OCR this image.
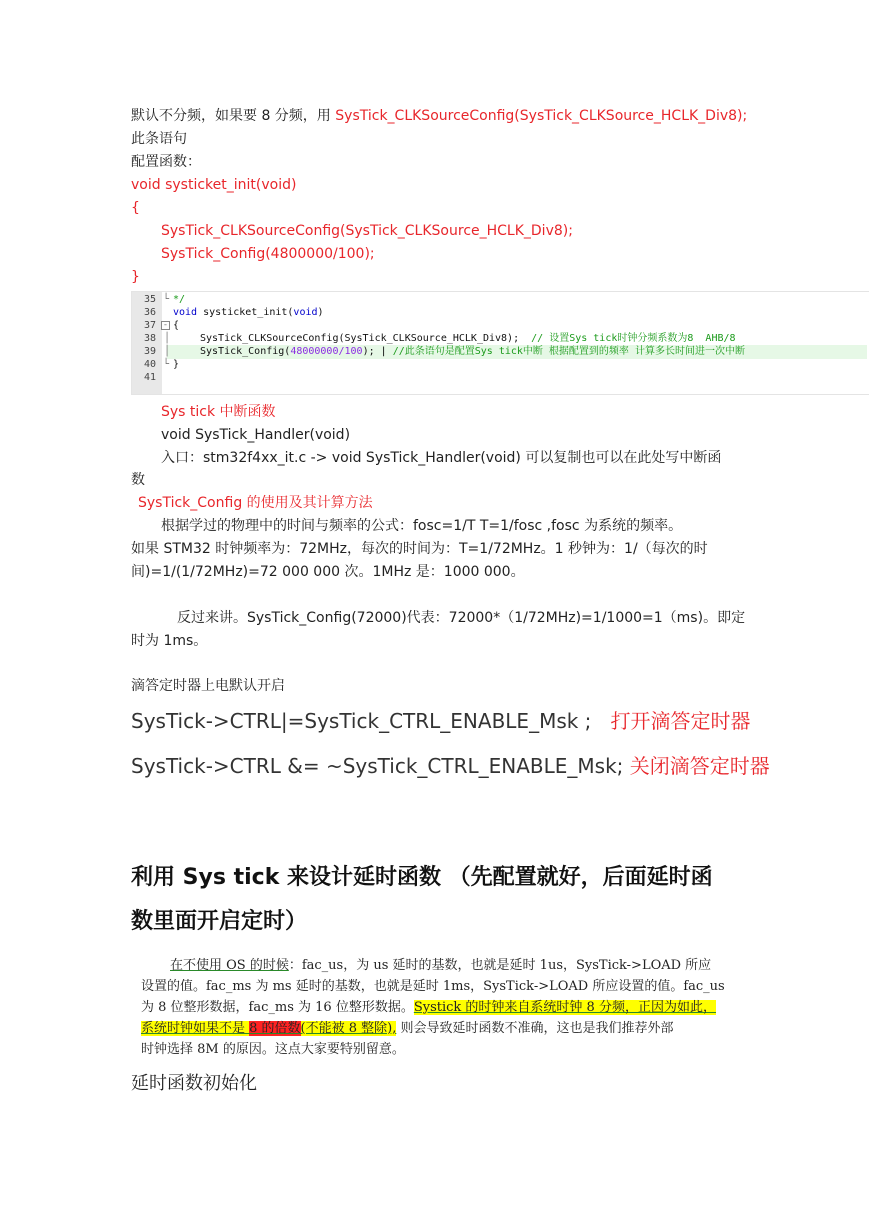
默认不分频，如果要 8 分频，用 SysTick_CLKSourceConfig(SysTick_CLKSource_HCLK_Div8);
此条语句
配置函数：
void systicket_init(void)
{
SysTick_CLKSourceConfig(SysTick_CLKSource_HCLK_Div8);
SysTick_Config(4800000/100);
}
35
36
37
38
39
40
41
└
-
│
│
└
*/
void systicket_init(void)
{
SysTick_CLKSourceConfig(SysTick_CLKSource_HCLK_Div8); // 设置Sys tick时钟分频系数为8  AHB/8
SysTick_Config(48000000/100); | //此条语句是配置Sys tick中断 根据配置到的频率 计算多长时间进一次中断
}
Sys tick 中断函数
void SysTick_Handler(void)
入口：stm32f4xx_it.c -> void SysTick_Handler(void) 可以复制也可以在此处写中断函
数
SysTick_Config 的使用及其计算方法
根据学过的物理中的时间与频率的公式：fosc=1/T T=1/fosc ,fosc 为系统的频率。
如果 STM32 时钟频率为：72MHz，每次的时间为：T=1/72MHz。1 秒钟为：1/（每次的时
间)=1/(1/72MHz)=72 000 000 次。1MHz 是：1000 000。
反过来讲。SysTick_Config(72000)代表：72000*（1/72MHz)=1/1000=1（ms)。即定
时为 1ms。
滴答定时器上电默认开启
SysTick->CTRL|=SysTick_CTRL_ENABLE_Msk ; 打开滴答定时器
SysTick->CTRL &= ~SysTick_CTRL_ENABLE_Msk; 关闭滴答定时器
利用 Sys tick 来设计延时函数 （先配置就好，后面延时函
数里面开启定时）
在不使用 OS 的时候：fac_us，为 us 延时的基数，也就是延时 1us，SysTick->LOAD 所应
设置的值。fac_ms 为 ms 延时的基数，也就是延时 1ms，SysTick->LOAD 所应设置的值。fac_us
为 8 位整形数据，fac_ms 为 16 位整形数据。Systick 的时钟来自系统时钟 8 分频，正因为如此，
系统时钟如果不是 8 的倍数(不能被 8 整除), 则会导致延时函数不准确，这也是我们推荐外部
时钟选择 8M 的原因。这点大家要特别留意。
延时函数初始化
